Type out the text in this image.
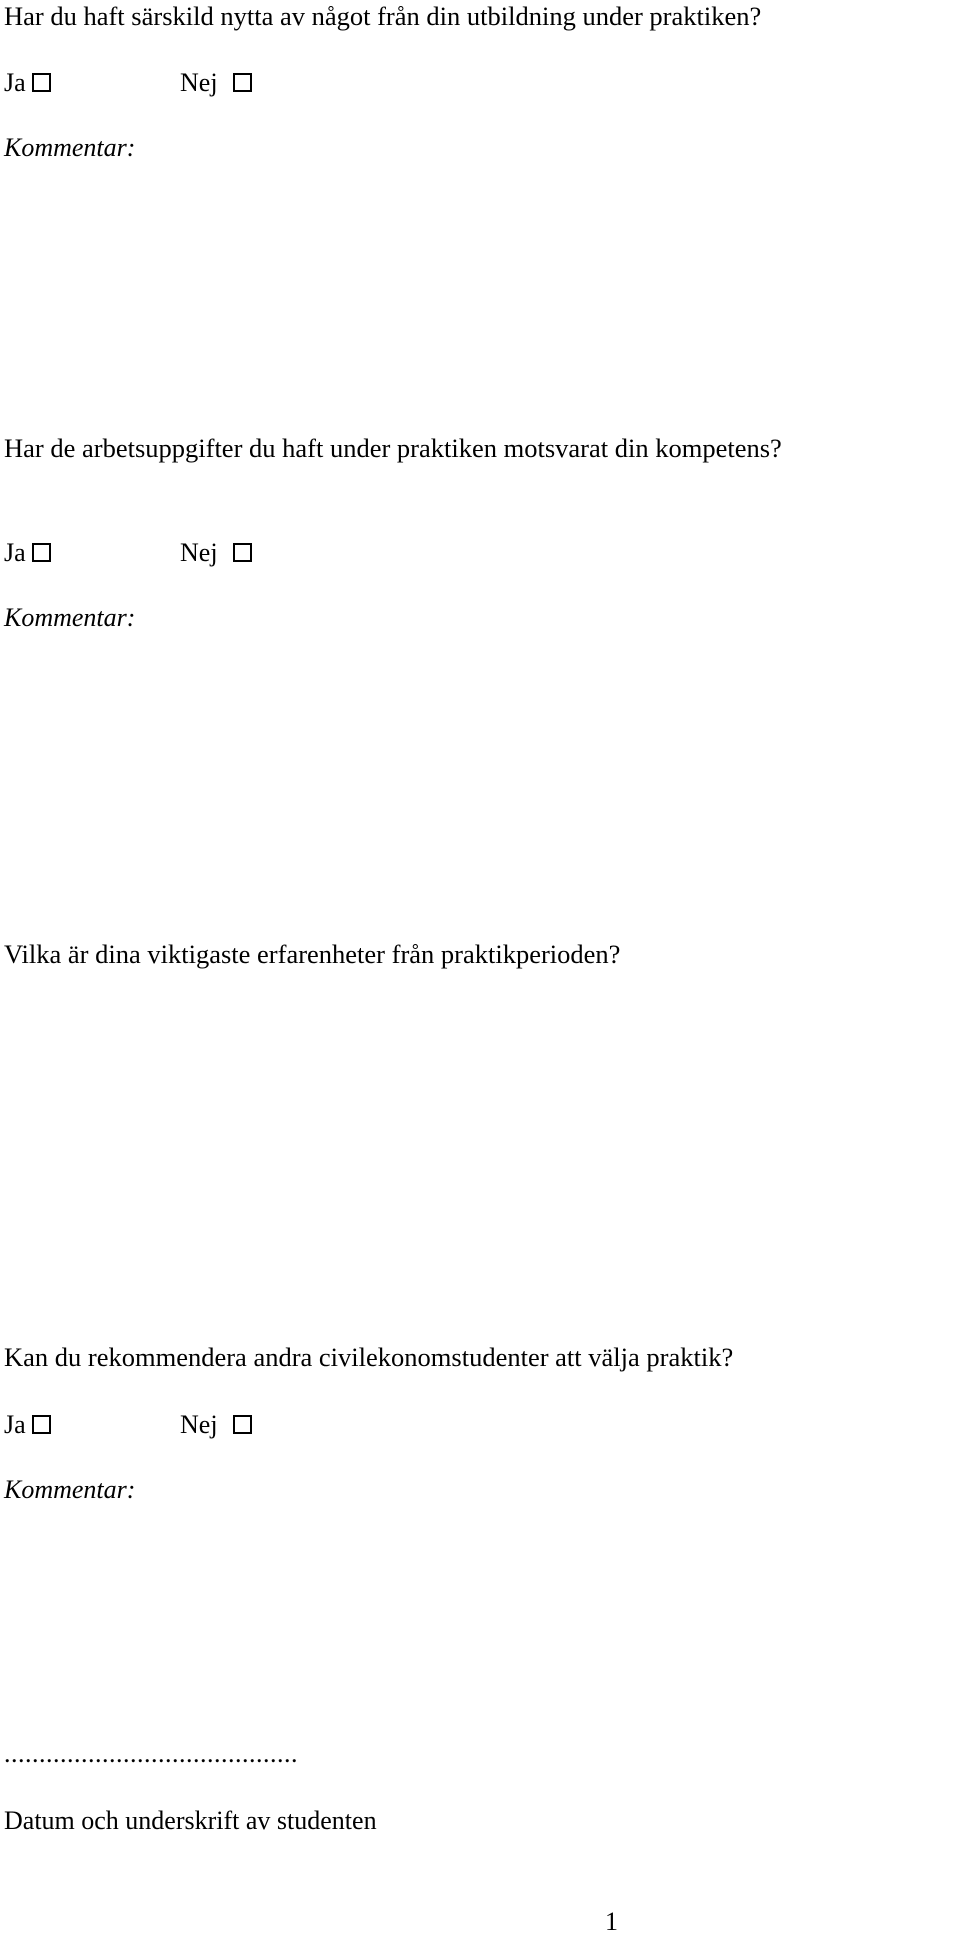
Har du haft särskild nytta av något från din utbildning under praktiken?
Ja	Nej
Kommentar:
Har de arbetsuppgifter du haft under praktiken motsvarat din kompetens?
Ja	Nej
Kommentar:
Vilka är dina viktigaste erfarenheter från praktikperioden?
Kan du rekommendera andra civilekonomstudenter att välja praktik?
Ja	Nej
Kommentar:
..........................................
Datum och underskrift av studenten
1
